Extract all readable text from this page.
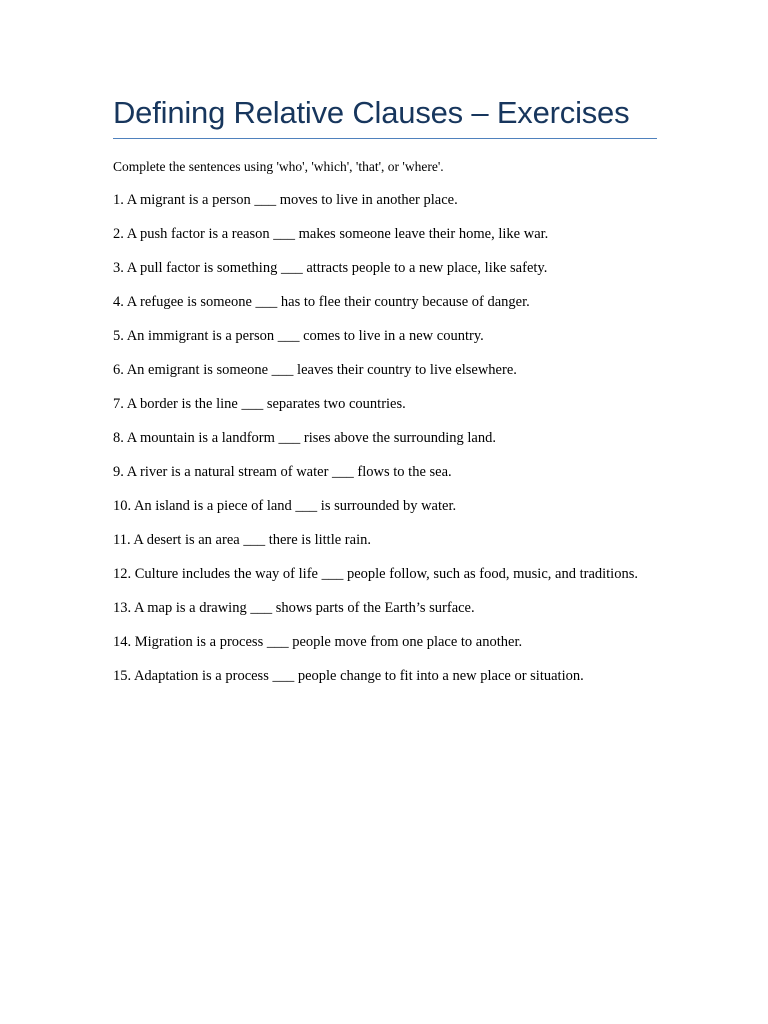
Defining Relative Clauses – Exercises

Complete the sentences using 'who', 'which', 'that', or 'where'.

1. A migrant is a person ___ moves to live in another place.
2. A push factor is a reason ___ makes someone leave their home, like war.
3. A pull factor is something ___ attracts people to a new place, like safety.
4. A refugee is someone ___ has to flee their country because of danger.
5. An immigrant is a person ___ comes to live in a new country.
6. An emigrant is someone ___ leaves their country to live elsewhere.
7. A border is the line ___ separates two countries.
8. A mountain is a landform ___ rises above the surrounding land.
9. A river is a natural stream of water ___ flows to the sea.
10. An island is a piece of land ___ is surrounded by water.
11. A desert is an area ___ there is little rain.
12. Culture includes the way of life ___ people follow, such as food, music, and traditions.
13. A map is a drawing ___ shows parts of the Earth’s surface.
14. Migration is a process ___ people move from one place to another.
15. Adaptation is a process ___ people change to fit into a new place or situation.
